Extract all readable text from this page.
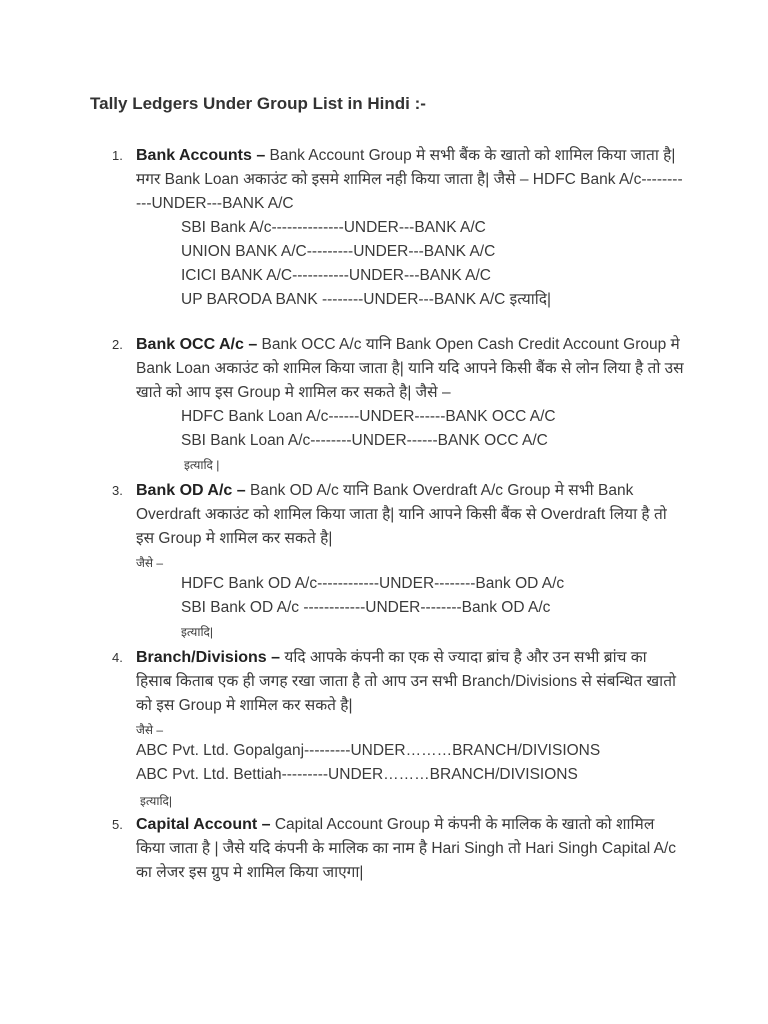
Tally Ledgers Under Group List in Hindi :-
1. Bank Accounts – Bank Account Group मे सभी बैंक के खातो को शामिल किया जाता है| मगर Bank Loan अकाउंट को इसमे शामिल नही किया जाता है| जैसे – HDFC Bank A/c-----------UNDER---BANK A/C

SBI Bank A/c--------------UNDER---BANK A/C
UNION BANK A/C---------UNDER---BANK A/C
ICICI BANK A/C-----------UNDER---BANK A/C
UP BARODA BANK --------UNDER---BANK A/C इत्यादि|
2. Bank OCC A/c – Bank OCC A/c यानि Bank Open Cash Credit Account Group मे Bank Loan अकाउंट को शामिल किया जाता है| यानि यदि आपने किसी बैंक से लोन लिया है तो उस खाते को आप इस Group मे शामिल कर सकते है| जैसे –

HDFC Bank Loan A/c------UNDER------BANK OCC A/C
SBI Bank Loan A/c--------UNDER------BANK OCC A/C
इत्यादि |
3. Bank OD A/c – Bank OD A/c यानि Bank Overdraft A/c Group मे सभी Bank Overdraft अकाउंट को शामिल किया जाता है| यानि आपने किसी बैंक से Overdraft लिया है तो इस Group मे शामिल कर सकते है|

जैसे –
HDFC Bank OD A/c------------UNDER--------Bank OD A/c
SBI Bank OD A/c ------------UNDER--------Bank OD A/c
इत्यादि|
4. Branch/Divisions – यदि आपके कंपनी का एक से ज्यादा ब्रांच है और उन सभी ब्रांच का हिसाब किताब एक ही जगह रखा जाता है तो आप उन सभी Branch/Divisions से संबन्धित खातो को इस Group मे शामिल कर सकते है|

जैसे –
ABC Pvt. Ltd. Gopalganj---------UNDER………BRANCH/DIVISIONS
ABC Pvt. Ltd. Bettiah---------UNDER………BRANCH/DIVISIONS
इत्यादि|
5. Capital Account – Capital Account Group मे कंपनी के मालिक के खातो को शामिल किया जाता है | जैसे यदि कंपनी के मालिक का नाम है Hari Singh तो Hari Singh Capital A/c का लेजर इस ग्रुप मे शामिल किया जाएगा|
